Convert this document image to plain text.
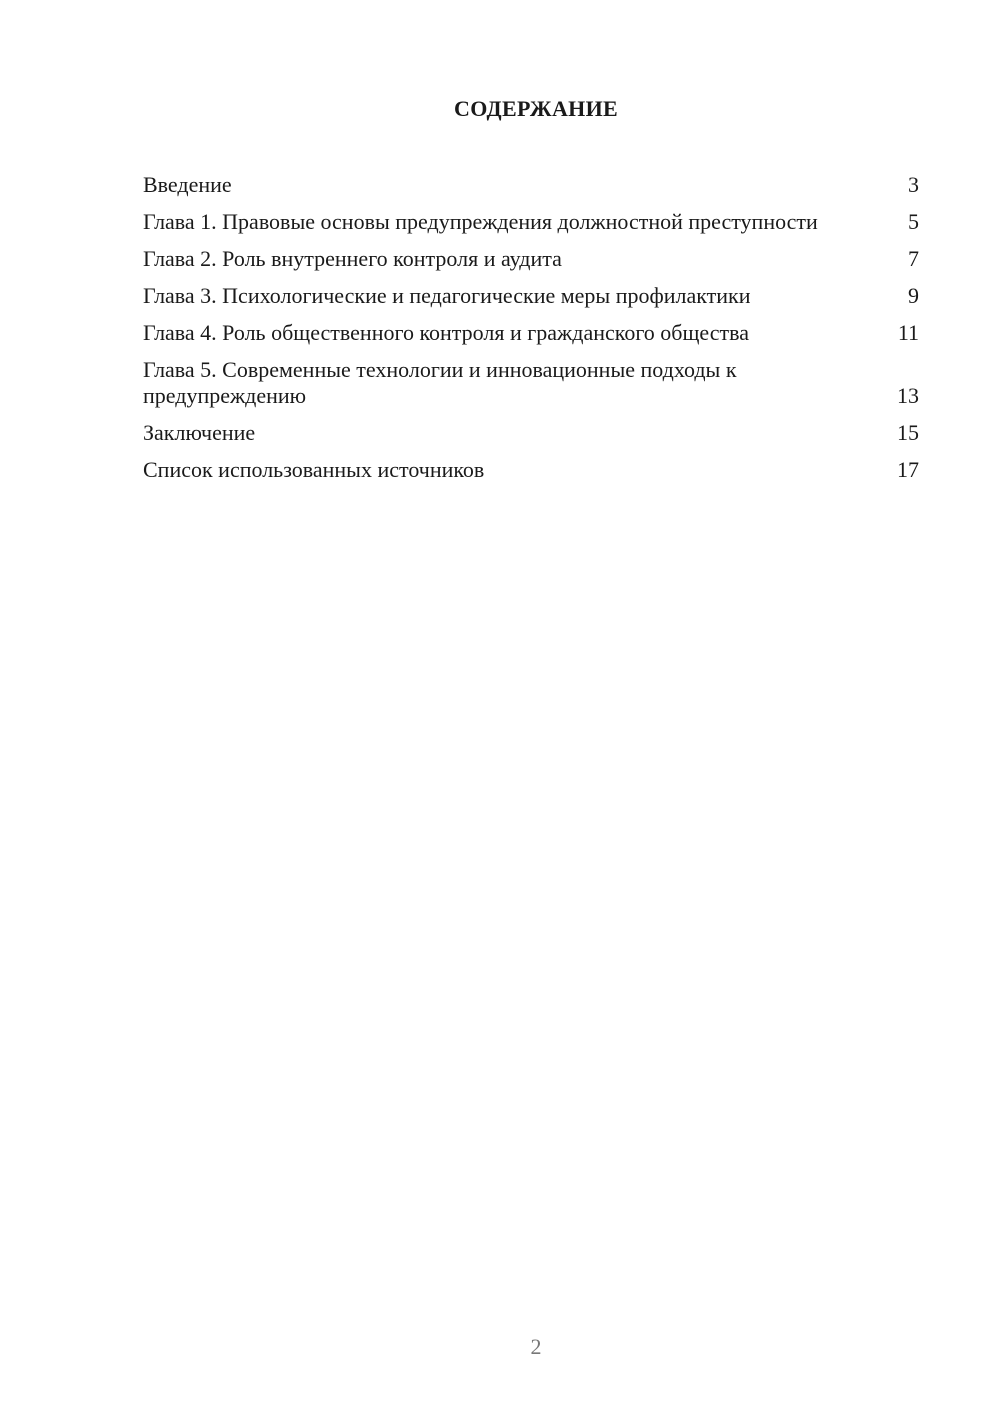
СОДЕРЖАНИЕ
Введение	3
Глава 1. Правовые основы предупреждения должностной преступности	5
Глава 2. Роль внутреннего контроля и аудита	7
Глава 3. Психологические и педагогические меры профилактики	9
Глава 4. Роль общественного контроля и гражданского общества	11
Глава 5. Современные технологии и инновационные подходы к предупреждению	13
Заключение	15
Список использованных источников	17
2
